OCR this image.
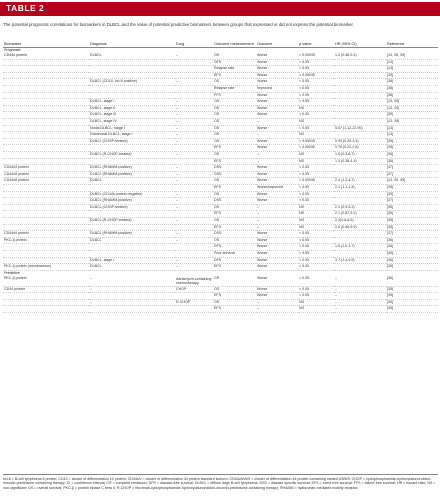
TABLE 2
The potential prognostic correlations for biomarkers in DLBCL and the value of potential predictive biomarkers between groups that expressed or did not express the potential biomarker.
Biomarker	Diagnosis	Drug	Outcome measurement	Outcome	p-value	HR (95% CI)	Reference
Prognostic							
CD44s protein	DLBCL	–	OS	Worse	< 0.05/NS	1.3 (0.48-3.4)	[13, 35, 39]
			DFS	Worse	< 0.05		[13]
			Relapse rate	Worse	< 0.05		[13]
			EFS	Worse	< 0.05/NS		[35]
	DLBCL (CD10, bcl-6 positive)	–	OS	Worse	< 0.05		[38]
			Relapse rate	Improved	< 0.05		[38]
			FFS	Worse	< 0.05		[38]
	DLBCL, stage I	–	OS	Worse	< 0.05		[13, 39]
	DLBCL, stage II	–	OS	Worse	NS		[13, 39]
	DLBCL, stage III	–	OS	Worse	< 0.05		[39]
	DLBCL, stage IV	–	OS	–	NS		[13, 39]
	Nodal DLBCL, stage I	–	OS	Worse	< 0.05	5.07 (1.12-22.90)	[13]
	Extranodal DLBCL, stage I	–	OS	–	NS		[13]
	DLBCL (CHOP-treated)	–	OS	Worse	< 0.05/NS	0.93 (0.25-3.4)	[35]
			EFS	Worse	< 0.05/NS	0.76 (0.22-2.6)	[35]
	DLBCL (R-CHOP-treated)	–	OS	–	NS	1.6 (0.3-8.7)	[35]
			EFS	–	NS	1.3 (0.38-4.4)	[35]
CD44v3 protein	DLBCL (RHAMM-positive)	–	DSS	Worse	< 0.05		[37]
CD44v5 protein	DLBCL (RHAMM-positive)	–	DSS	Worse	< 0.05		[37]
CD44v6 protein	DLBCL	–	OS	Worse	< 0.05/NS	2.4 (1.2-4.7)	[13, 35, 39]
			EFS	Worse/improved	< 0.05	2.1 (1.1-1.4)	[35]
	DLBCL (CD44s protein negative)	–	OS	Worse	< 0.05		[35]
	DLBCL (RHAMM-positive)	–	DSS	Worse	< 0.05		[37]
	DLBCL (CHOP-treated)	–	OS	–	NS	2.1 (0.9-5.3)	[35]
			EFS	–	NS	2.1 (0.87-5.2)	[35]
	DLBCL (R-CHOP-treated)	–	OS	–	NS	2.3(0.6-8.5)	[35]
			EFS	–	NS	2.0 (0.69-5.9)	[35]
CD44v9 protein	DLBCL (RHAMM-positive)	–	DSS	Worse	< 0.05		[37]
PKC-β protein	DLBCL	–	OS	Worse	< 0.05		[36]
			DFS	Worse	< 0.05	1.9 (1.0-3.7)	[36]
			Poor survival	Worse	< 0.05		[40]
	DLBCL, stage I	–	DFS	Worse	< 0.05	3.7 (1.4-9.9)	[36]
PKC-β protein (membranous)	DLBCL	–	EFS	Worse	< 0.05		[35]
Predictive							
PKC-β protein	–	Adriamycin-containing chemotherapy	CR	Worse	< 0.05	–	[36]
CD44 protein	–	CHOP	OS	Worse	< 0.05	–	[35]
			EFS	Worse	< 0.05	–	[35]
	–	R-CHOP	OS	–	NS	–	[35]
			EFS	–	NS	–	[35]
bcl-6 = B-cell lymphoma 6 protein; CD10 = cluster of differentiation 10 protein; CD44s/v = cluster of differentiation 44 protein standard isoform; CD44v6/v5/9 = cluster of differentiation 44 protein containing variant 4/5/6/9; CHOP = cyclophosphamide-hydroxydaunorubicin-oncovin-prednisone containing therapy; CI = confidence interval; CR = complete remission; DFS = disease-free survival; DLBCL = diffuse large B-cell lymphoma; DSS = disease specific survival; EFS = event free survival; FFS = failure-free survival; HR = hazard ratio; NS = non-significant; OS = overall survival; PKC-β = protein kinase C beta II; R-CHOP = rituximab-cyclophosphamide-hydroxydaunorubicin-oncovin-prednisone containing therapy; RHAMM = hyaluronan-mediated motility receptor.
